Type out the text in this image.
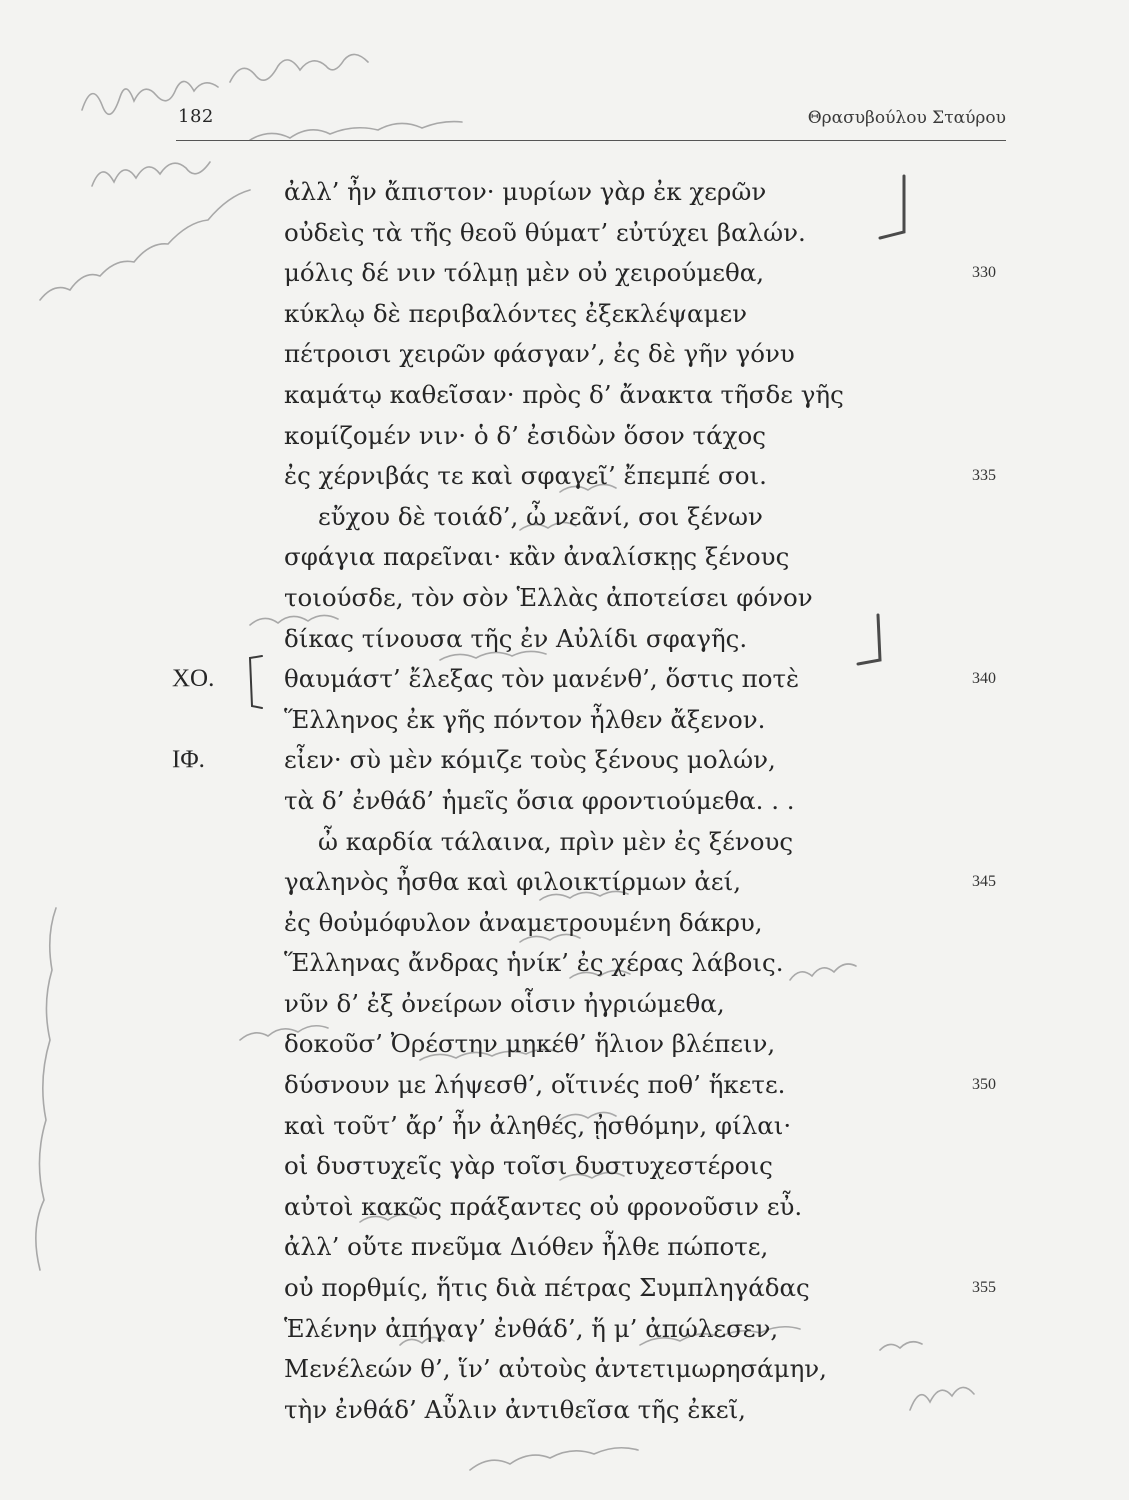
182	Θρασυβούλου Σταύρου
ἀλλ’ ἦν ἄπιστον· μυρίων γὰρ ἐκ χερῶν
οὐδεὶς τὰ τῆς θεοῦ θύματ’ εὐτύχει βαλών.
μόλις δέ νιν τόλμῃ μὲν οὐ χειρούμεθα,	330
κύκλῳ δὲ περιβαλόντες ἐξεκλέψαμεν
πέτροισι χειρῶν φάσγαν’, ἐς δὲ γῆν γόνυ
καμάτῳ καθεῖσαν· πρὸς δ’ ἄνακτα τῆσδε γῆς
κομίζομέν νιν· ὁ δ’ ἐσιδὼν ὅσον τάχος
ἐς χέρνιβάς τε καὶ σφαγεῖ’ ἔπεμπέ σοι.	335
εὔχου δὲ τοιάδ’, ὦ νεᾶνί, σοι ξένων
σφάγια παρεῖναι· κἂν ἀναλίσκῃς ξένους
τοιούσδε, τὸν σὸν Ἑλλὰς ἀποτείσει φόνον
δίκας τίνουσα τῆς ἐν Αὐλίδι σφαγῆς.
ΧΟ.	θαυμάστ’ ἔλεξας τὸν μανένθ’, ὅστις ποτὲ	340
Ἕλληνος ἐκ γῆς πόντον ἦλθεν ἄξενον.
ΙΦ.	εἶεν· σὺ μὲν κόμιζε τοὺς ξένους μολών,
τὰ δ’ ἐνθάδ’ ἡμεῖς ὅσια φροντιούμεθα. . .
ὦ καρδία τάλαινα, πρὶν μὲν ἐς ξένους
γαληνὸς ἦσθα καὶ φιλοικτίρμων ἀεί,	345
ἐς θοὐμόφυλον ἀναμετρουμένη δάκρυ,
Ἕλληνας ἄνδρας ἡνίκ’ ἐς χέρας λάβοις.
νῦν δ’ ἐξ ὀνείρων οἷσιν ἠγριώμεθα,
δοκοῦσ’ Ὀρέστην μηκέθ’ ἥλιον βλέπειν,
δύσνουν με λήψεσθ’, οἵτινές ποθ’ ἥκετε.	350
καὶ τοῦτ’ ἄρ’ ἦν ἀληθές, ᾐσθόμην, φίλαι·
οἱ δυστυχεῖς γὰρ τοῖσι δυστυχεστέροις
αὐτοὶ κακῶς πράξαντες οὐ φρονοῦσιν εὖ.
ἀλλ’ οὔτε πνεῦμα Διόθεν ἦλθε πώποτε,
οὐ πορθμίς, ἥτις διὰ πέτρας Συμπληγάδας	355
Ἑλένην ἀπήγαγ’ ἐνθάδ’, ἥ μ’ ἀπώλεσεν,
Μενέλεών θ’, ἵν’ αὐτοὺς ἀντετιμωρησάμην,
τὴν ἐνθάδ’ Αὖλιν ἀντιθεῖσα τῆς ἐκεῖ,
